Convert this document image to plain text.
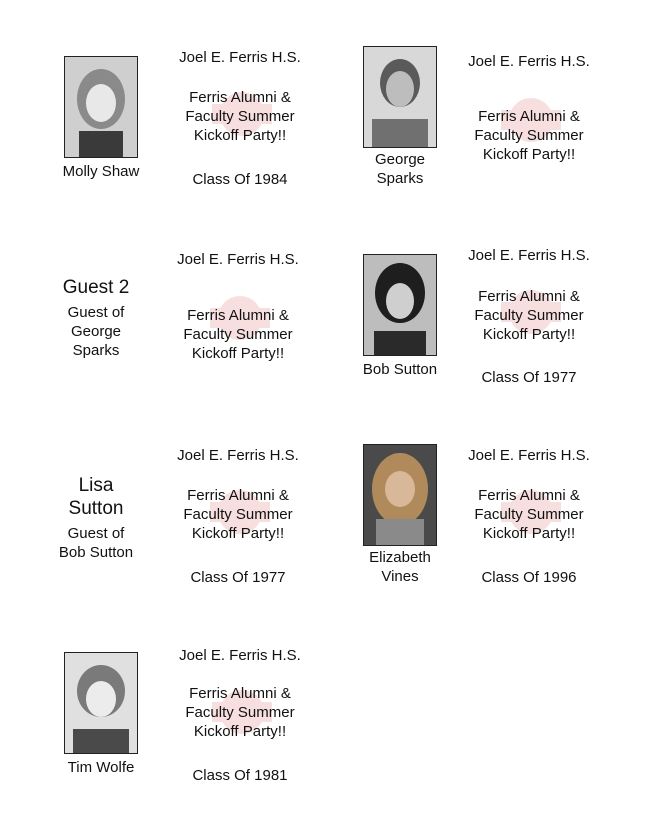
Molly Shaw
Joel E. Ferris H.S.
Ferris Alumni &
Faculty Summer
Kickoff Party!!
Class Of 1984
George
Sparks
Joel E. Ferris H.S.
Ferris Alumni &
Faculty Summer
Kickoff Party!!
Guest 2
Guest of
George
Sparks
Joel E. Ferris H.S.
Ferris Alumni &
Faculty Summer
Kickoff Party!!
Bob Sutton
Joel E. Ferris H.S.
Ferris Alumni &
Faculty Summer
Kickoff Party!!
Class Of 1977
Lisa
Sutton
Guest of
Bob Sutton
Joel E. Ferris H.S.
Ferris Alumni &
Faculty Summer
Kickoff Party!!
Class Of 1977
Elizabeth
Vines
Joel E. Ferris H.S.
Ferris Alumni &
Faculty Summer
Kickoff Party!!
Class Of 1996
Tim Wolfe
Joel E. Ferris H.S.
Ferris Alumni &
Faculty Summer
Kickoff Party!!
Class Of 1981
